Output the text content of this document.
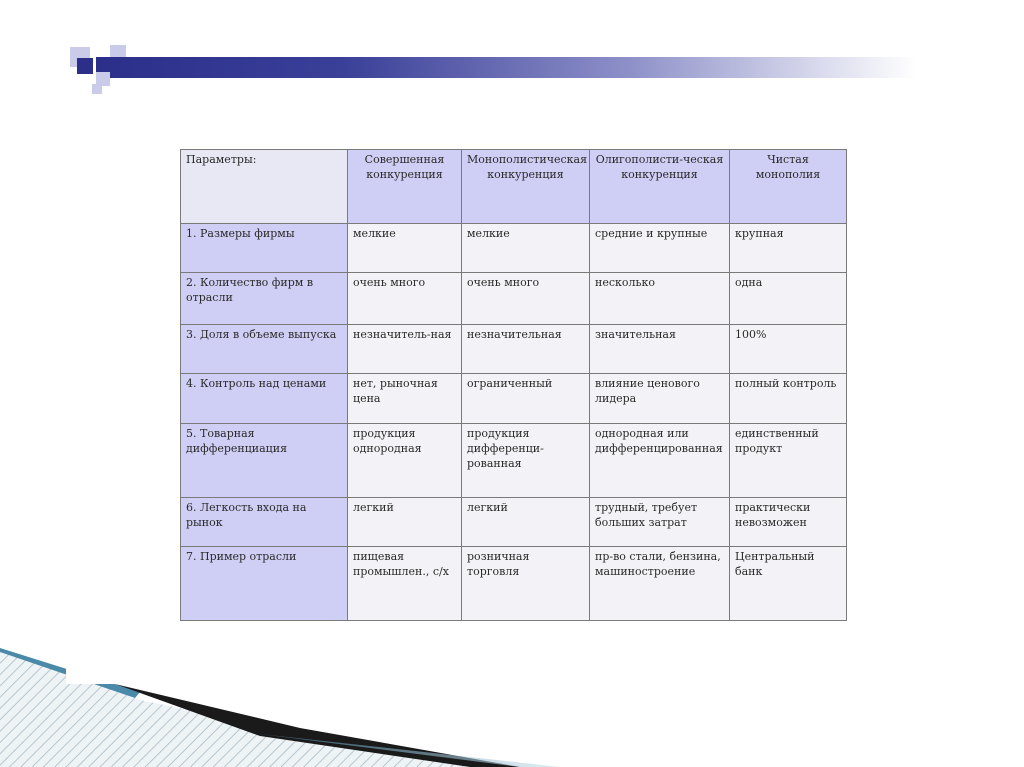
Параметры:	Совершенная конкуренция	Монополистическая конкуренция	Олигополисти-ческая конкуренция	Чистая монополия
1. Размеры фирмы	мелкие	мелкие	средние и крупные	крупная
2. Количество фирм в отрасли	очень много	очень много	несколько	одна
3. Доля в объеме выпуска	незначитель-ная	незначительная	значительная	100%
4. Контроль над ценами	нет, рыночная цена	ограниченный	влияние ценового лидера	полный контроль
5. Товарная дифференциация	продукция однородная	продукция дифференци-рованная	однородная или дифференцированная	единственный продукт
6. Легкость входа на рынок	легкий	легкий	трудный, требует больших затрат	практически невозможен
7. Пример отрасли	пищевая промышлен., с/х	розничная торговля	пр-во стали, бензина, машиностроение	Центральный банк
